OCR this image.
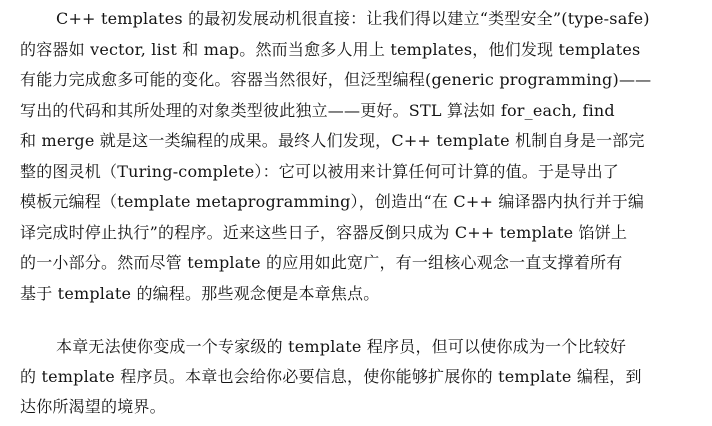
C++ templates 的最初发展动机很直接：让我们得以建立“类型安全”(type-safe)
的容器如 vector, list 和 map。然而当愈多人用上 templates，他们发现 templates
有能力完成愈多可能的变化。容器当然很好，但泛型编程(generic programming)——
写出的代码和其所处理的对象类型彼此独立——更好。STL 算法如 for_each, find
和 merge 就是这一类编程的成果。最终人们发现，C++ template 机制自身是一部完
整的图灵机（Turing-complete）：它可以被用来计算任何可计算的值。于是导出了
模板元编程（template metaprogramming），创造出“在 C++ 编译器内执行并于编
译完成时停止执行”的程序。近来这些日子，容器反倒只成为 C++ template 馅饼上
的一小部分。然而尽管 template 的应用如此宽广，有一组核心观念一直支撑着所有
基于 template 的编程。那些观念便是本章焦点。
本章无法使你变成一个专家级的 template 程序员，但可以使你成为一个比较好
的 template 程序员。本章也会给你必要信息，使你能够扩展你的 template 编程，到
达你所渴望的境界。
